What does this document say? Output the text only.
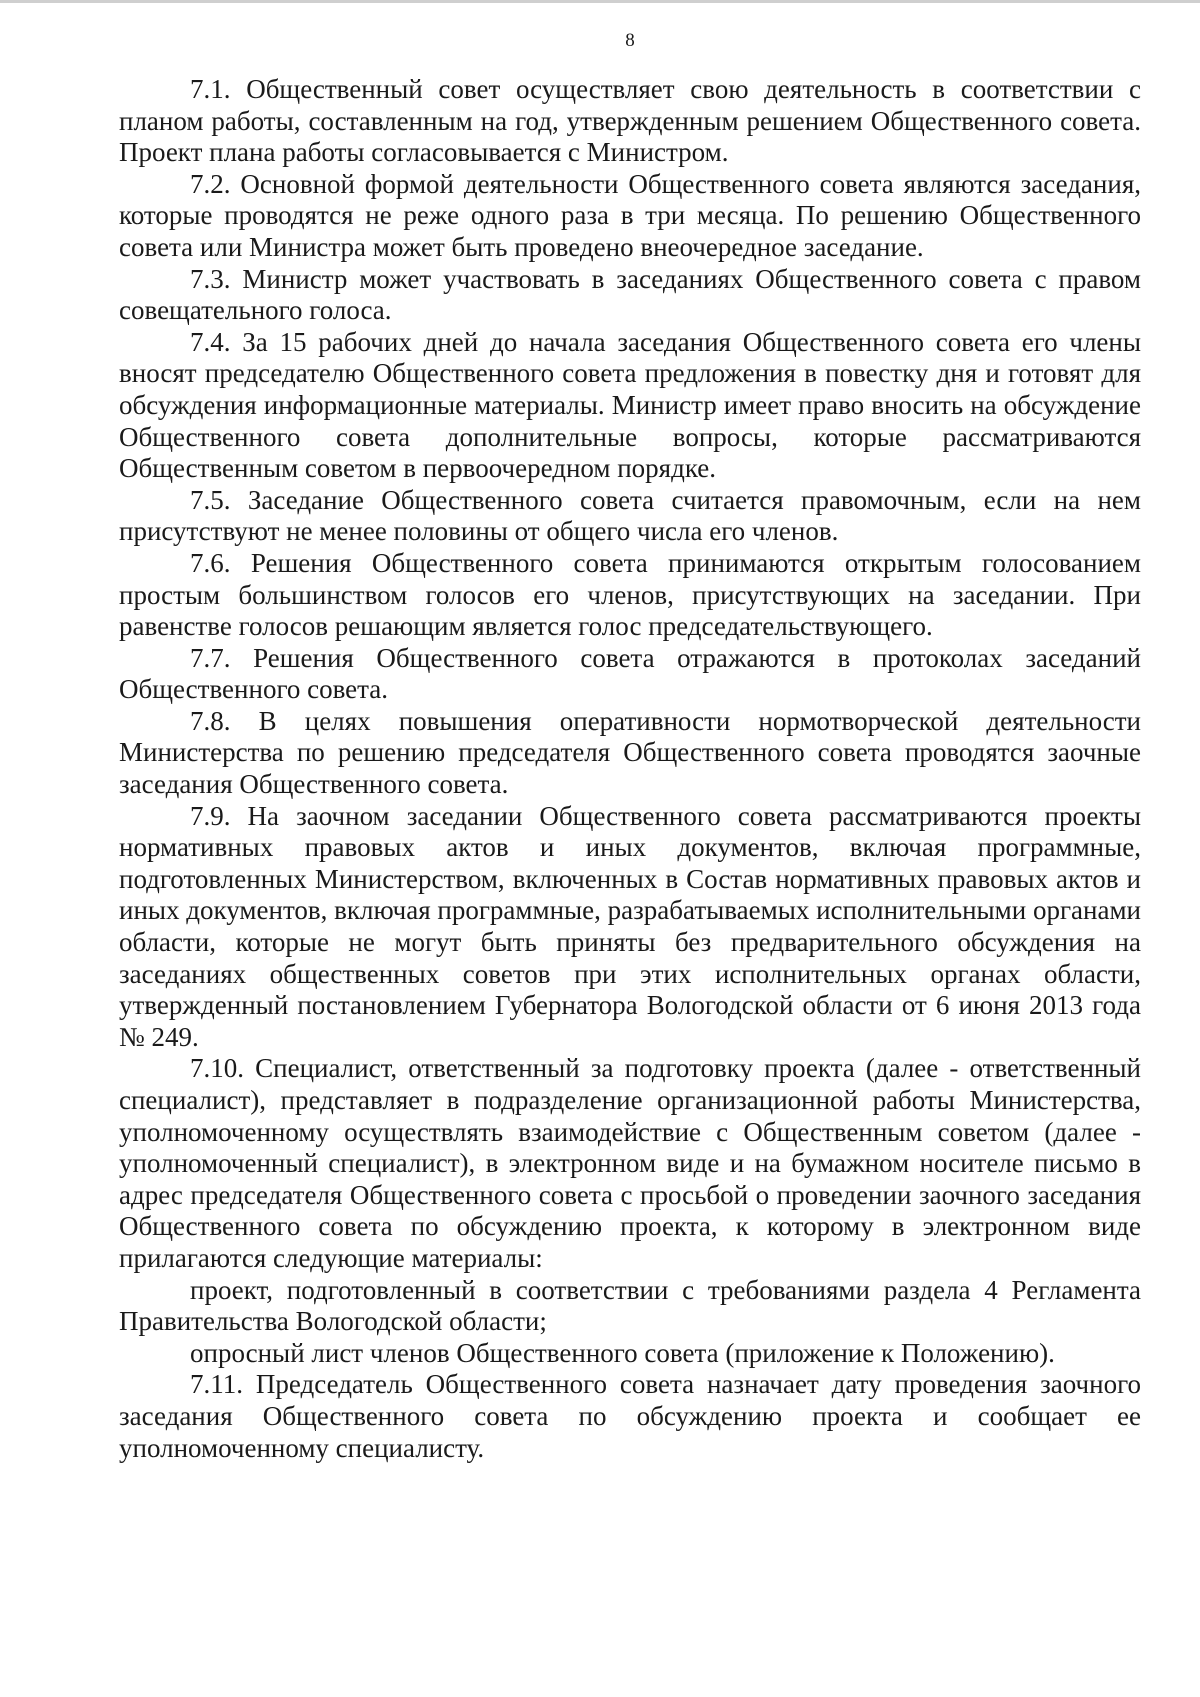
8

7.1. Общественный совет осуществляет свою деятельность в соответствии с планом работы, составленным на год, утвержденным решением Общественного совета. Проект плана работы согласовывается с Министром.

7.2. Основной формой деятельности Общественного совета являются заседания, которые проводятся не реже одного раза в три месяца. По решению Общественного совета или Министра может быть проведено внеочередное заседание.

7.3. Министр может участвовать в заседаниях Общественного совета с правом совещательного голоса.

7.4. За 15 рабочих дней до начала заседания Общественного совета его члены вносят председателю Общественного совета предложения в повестку дня и готовят для обсуждения информационные материалы. Министр имеет право вносить на обсуждение Общественного совета дополнительные вопросы, которые рассматриваются Общественным советом в первоочередном порядке.

7.5. Заседание Общественного совета считается правомочным, если на нем присутствуют не менее половины от общего числа его членов.

7.6. Решения Общественного совета принимаются открытым голосованием простым большинством голосов его членов, присутствующих на заседании. При равенстве голосов решающим является голос председательствующего.

7.7. Решения Общественного совета отражаются в протоколах заседаний Общественного совета.

7.8. В целях повышения оперативности нормотворческой деятельности Министерства по решению председателя Общественного совета проводятся заочные заседания Общественного совета.

7.9. На заочном заседании Общественного совета рассматриваются проекты нормативных правовых актов и иных документов, включая программные, подготовленных Министерством, включенных в Состав нормативных правовых актов и иных документов, включая программные, разрабатываемых исполнительными органами области, которые не могут быть приняты без предварительного обсуждения на заседаниях общественных советов при этих исполнительных органах области, утвержденный постановлением Губернатора Вологодской области от 6 июня 2013 года № 249.

7.10. Специалист, ответственный за подготовку проекта (далее - ответственный специалист), представляет в подразделение организационной работы Министерства, уполномоченному осуществлять взаимодействие с Общественным советом (далее - уполномоченный специалист), в электронном виде и на бумажном носителе письмо в адрес председателя Общественного совета с просьбой о проведении заочного заседания Общественного совета по обсуждению проекта, к которому в электронном виде прилагаются следующие материалы:

проект, подготовленный в соответствии с требованиями раздела 4 Регламента Правительства Вологодской области;

опросный лист членов Общественного совета (приложение к Положению).

7.11. Председатель Общественного совета назначает дату проведения заочного заседания Общественного совета по обсуждению проекта и сообщает ее уполномоченному специалисту.
